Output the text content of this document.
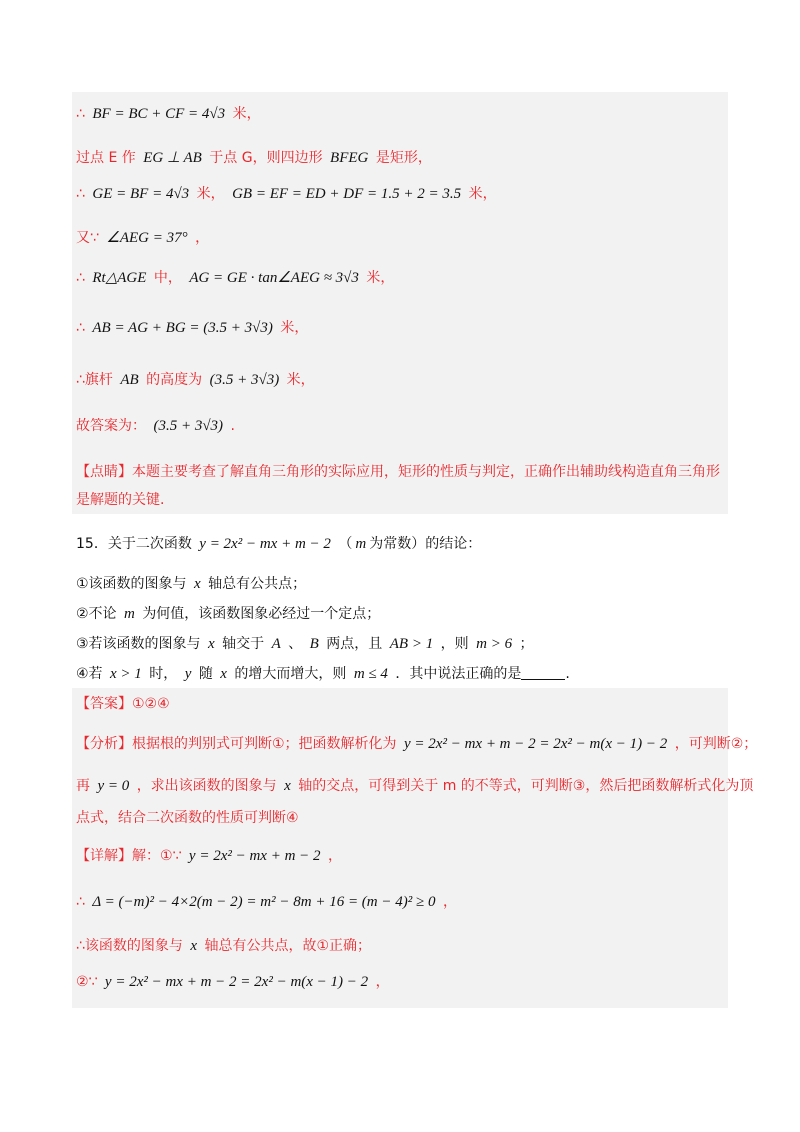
∴ BF = BC + CF = 4√3 米，
过点 E 作 EG ⊥ AB 于点 G，则四边形 BFEG 是矩形，
∴ GE = BF = 4√3 米， GB = EF = ED + DF = 1.5 + 2 = 3.5 米，
又∵ ∠AEG = 37° ，
∴ Rt△AGE 中， AG = GE · tan∠AEG ≈ 3√3 米，
∴ AB = AG + BG = (3.5 + 3√3) 米，
∴旗杆 AB 的高度为 (3.5 + 3√3) 米，
故答案为： (3.5 + 3√3) .
【点睛】本题主要考查了解直角三角形的实际应用，矩形的性质与判定，正确作出辅助线构造直角三角形
是解题的关键.
15．关于二次函数 y = 2x² − mx + m − 2 （ m 为常数）的结论：
①该函数的图象与 x 轴总有公共点；
②不论 m 为何值，该函数图象必经过一个定点；
③若该函数的图象与 x 轴交于 A 、 B 两点，且 AB > 1 ，则 m > 6 ；
④若 x > 1 时， y 随 x 的增大而增大，则 m ≤ 4 ．其中说法正确的是	.
【答案】①②④
【分析】根据根的判别式可判断①；把函数解析化为 y = 2x² − mx + m − 2 = 2x² − m(x − 1) − 2 ，可判断②；
再 y = 0 ，求出该函数的图象与 x 轴的交点，可得到关于 m 的不等式，可判断③，然后把函数解析式化为顶
点式，结合二次函数的性质可判断④
【详解】解：①∵ y = 2x² − mx + m − 2 ，
∴ Δ = (−m)² − 4×2(m − 2) = m² − 8m + 16 = (m − 4)² ≥ 0 ，
∴该函数的图象与 x 轴总有公共点，故①正确；
②∵ y = 2x² − mx + m − 2 = 2x² − m(x − 1) − 2 ，
